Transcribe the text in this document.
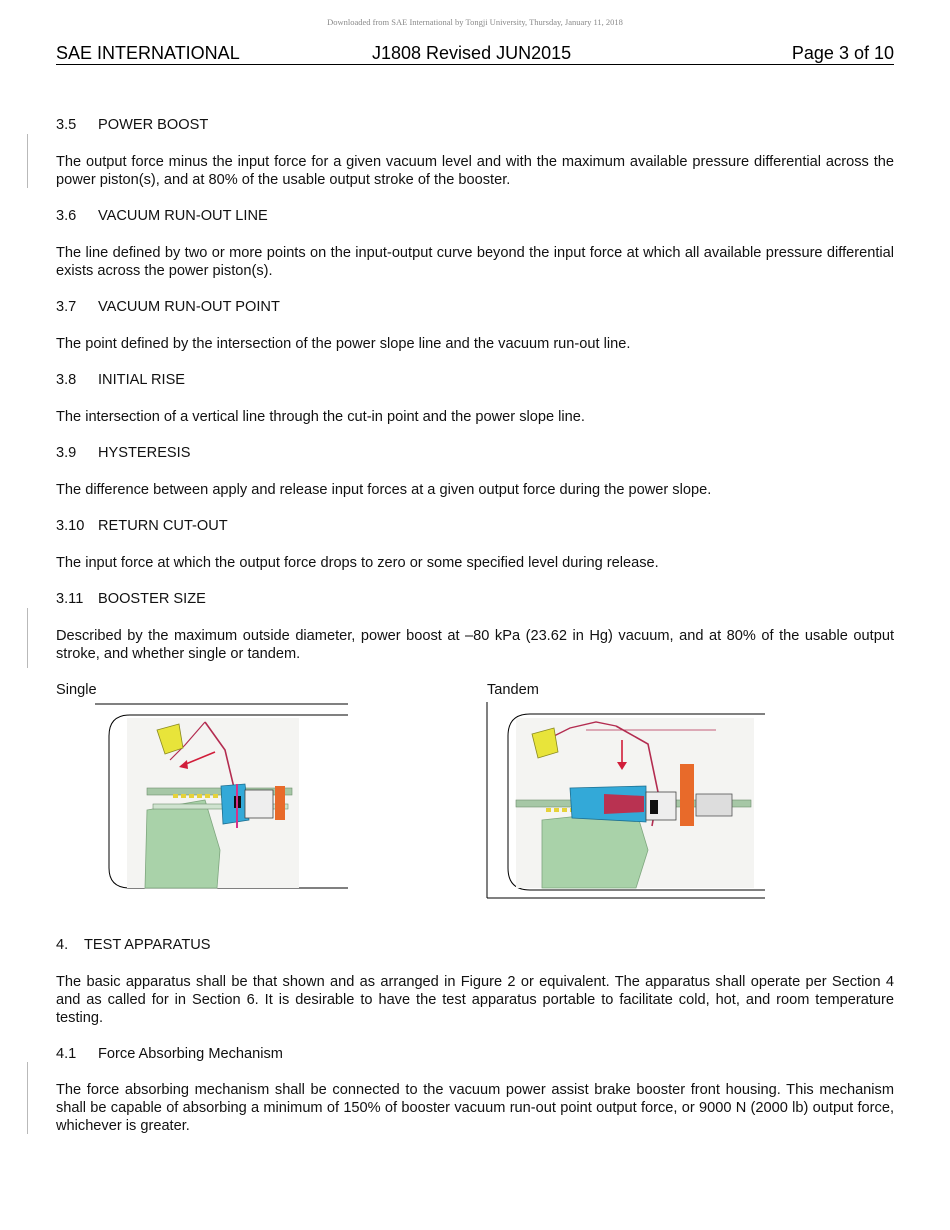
Downloaded from SAE International by Tongji University, Thursday, January 11, 2018
SAE INTERNATIONAL	J1808 Revised JUN2015	Page 3 of 10
3.5 POWER BOOST
The output force minus the input force for a given vacuum level and with the maximum available pressure differential across the power piston(s), and at 80% of the usable output stroke of the booster.
3.6 VACUUM RUN-OUT LINE
The line defined by two or more points on the input-output curve beyond the input force at which all available pressure differential exists across the power piston(s).
3.7 VACUUM RUN-OUT POINT
The point defined by the intersection of the power slope line and the vacuum run-out line.
3.8 INITIAL RISE
The intersection of a vertical line through the cut-in point and the power slope line.
3.9 HYSTERESIS
The difference between apply and release input forces at a given output force during the power slope.
3.10 RETURN CUT-OUT
The input force at which the output force drops to zero or some specified level during release.
3.11 BOOSTER SIZE
Described by the maximum outside diameter, power boost at –80 kPa (23.62 in Hg) vacuum, and at 80% of the usable output stroke, and whether single or tandem.
Single	Tandem
4. TEST APPARATUS
The basic apparatus shall be that shown and as arranged in Figure 2 or equivalent. The apparatus shall operate per Section 4 and as called for in Section 6. It is desirable to have the test apparatus portable to facilitate cold, hot, and room temperature testing.
4.1 Force Absorbing Mechanism
The force absorbing mechanism shall be connected to the vacuum power assist brake booster front housing. This mechanism shall be capable of absorbing a minimum of 150% of booster vacuum run-out point output force, or 9000 N (2000 lb) output force, whichever is greater.
